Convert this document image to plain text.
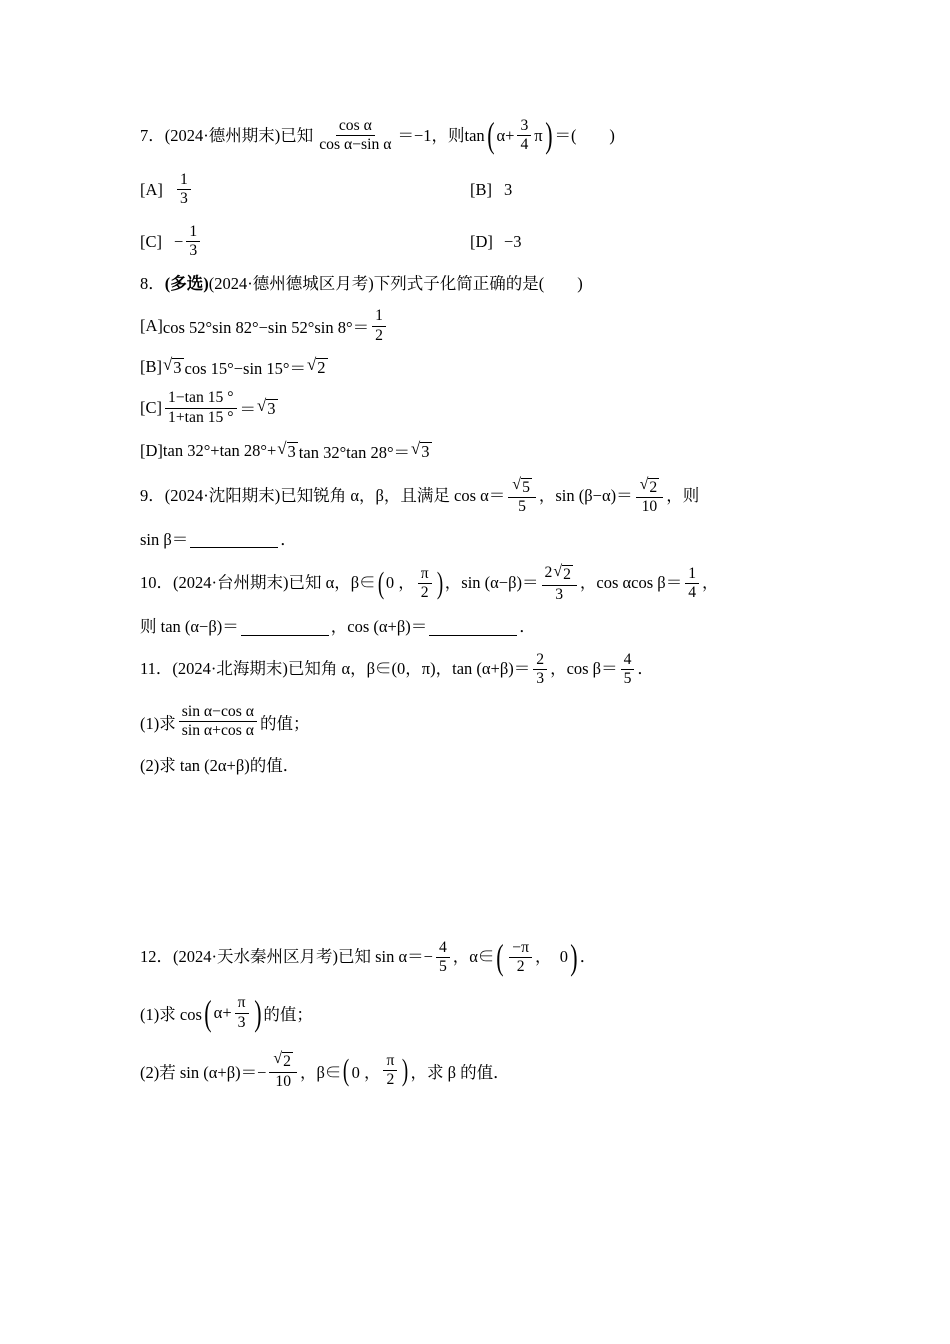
7． (2024·德州期末) 已知 $\frac{\text{cos α}}{\text{cos α−sin α}} =-1$， 则 tan ( $\alpha+ \frac{3}{4}$ π ) ＝(　　)
$[A] \frac{1}{3}$	[B] 3
$[C] - \frac{1}{3}$	[D] −3
8． (多选) (2024·德州德城区月考) 下列式子化简正确的是(　　)
[A] cos 52°sin 82°−sin 52°sin $8^\circ= \frac{1}{2}$
[B] √ 3 cos 15°−sin 15°＝ √ 2
$[C] \frac{1-\tan 15 ^\circ}{1+\tan 15 ^\circ}$ ＝ √ 3
[D] tan 32°+tan 28°+ √ 3 tan 32°tan 28°＝ √ 3
9． (2024·沈阳期末) 已知锐角 α，β，且满足 $\cos \alpha= \frac{√ 5}{5}$ ，$\sin (\beta-\alpha)= \frac{√ 2}{10}$ ，则
sin β＝	．
10． (2024·台州期末) 已知 α，β∈ ( 0 ， $\frac{\pi}{2}$ ) ，$\sin (\alpha-\beta)= \frac{2 √ 2}{3}$ ，cos αcos $\beta= \frac{1}{4}$ ，
则 tan (α−β)＝	，cos (α+β)＝	．
11． (2024·北海期末) 已知角 α，β∈(0，π)，$\tan (\alpha+\beta)= \frac{2}{3}$ ，$\cos \beta= \frac{4}{5}$ ．
(1)求 $\frac{\text{sin α−cos α}}{\text{sin α+cos α}}$ 的值；
(2)求 tan (2α+β)的值．
12． (2024·天水秦州区月考) 已知 $\sin \alpha=- \frac{4}{5}$ ，α∈ ( $\frac{-\pi}{2}$ ，　0 ) ．
(1)求 cos ( $\alpha+ \frac{\pi}{3}$ ) 的值；
(2)若 $\sin (\alpha+\beta)=- \frac{√ 2}{10}$ ，β∈ ( 0 ， $\frac{\pi}{2}$ ) ，求 β 的值．
